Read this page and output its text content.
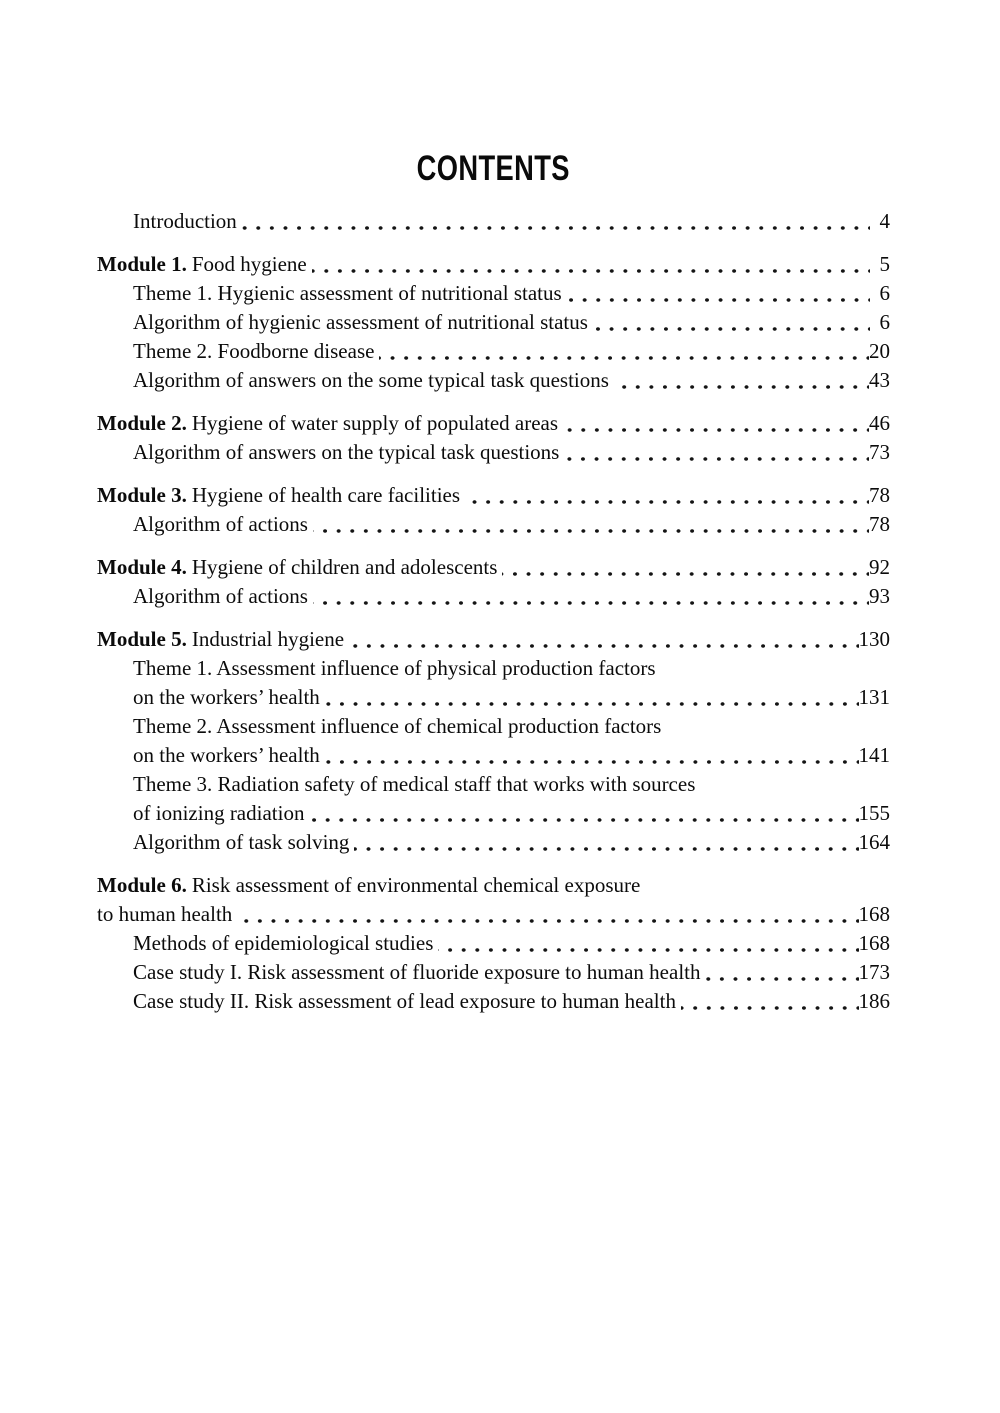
CONTENTS
Introduction	4
Module 1. Food hygiene	5
Theme 1. Hygienic assessment of nutritional status	6
Algorithm of hygienic assessment of nutritional status	6
Theme 2. Foodborne disease	20
Algorithm of answers on the some typical task questions	43
Module 2. Hygiene of water supply of populated areas	46
Algorithm of answers on the typical task questions	73
Module 3. Hygiene of health care facilities	78
Algorithm of actions	78
Module 4. Hygiene of children and adolescents	92
Algorithm of actions	93
Module 5. Industrial hygiene	130
Theme 1. Assessment influence of physical production factors
on the workers’ health	131
Theme 2. Assessment influence of chemical production factors
on the workers’ health	141
Theme 3. Radiation safety of medical staff that works with sources
of ionizing radiation	155
Algorithm of task solving	164
Module 6. Risk assessment of environmental chemical exposure
to human health	168
Methods of epidemiological studies	168
Case study I. Risk assessment of fluoride exposure to human health	173
Case study II. Risk assessment of lead exposure to human health	186
